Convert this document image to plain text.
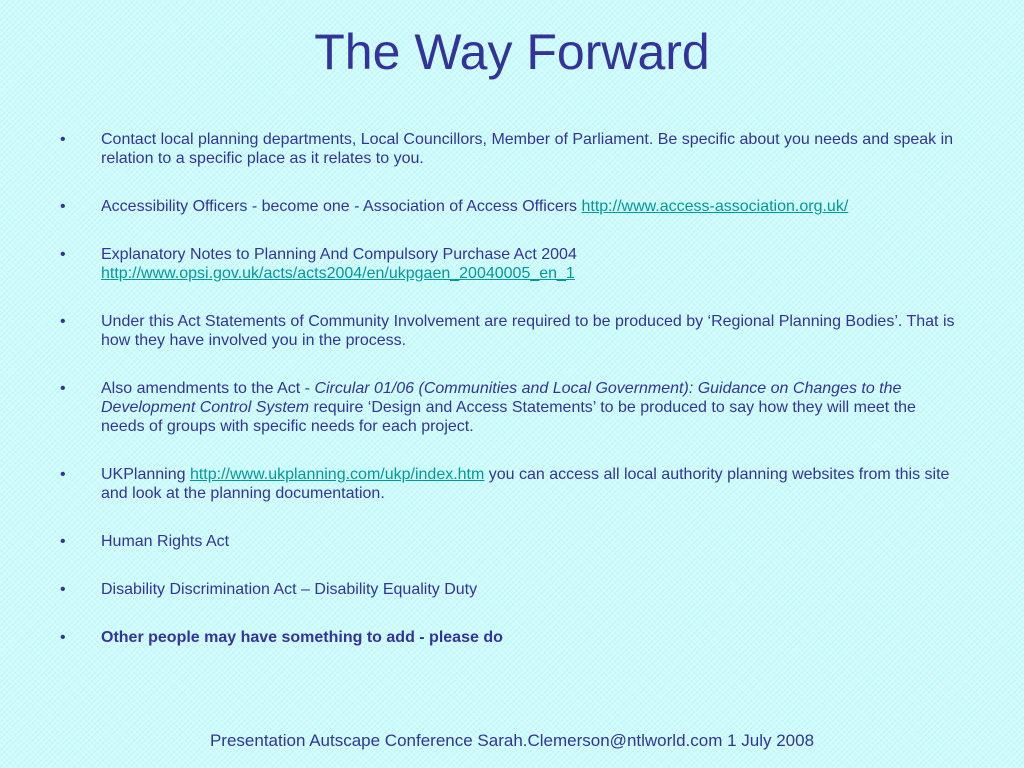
The Way Forward
•	Contact local planning departments, Local Councillors, Member of Parliament. Be specific about you needs and speak in relation to a specific place as it relates to you.
•	Accessibility Officers - become one - Association of Access Officers http://www.access-association.org.uk/
•	Explanatory Notes to Planning And Compulsory Purchase Act 2004
http://www.opsi.gov.uk/acts/acts2004/en/ukpgaen_20040005_en_1
•	Under this Act Statements of Community Involvement are required to be produced by ‘Regional Planning Bodies’. That is how they have involved you in the process.
•	Also amendments to the Act - Circular 01/06 (Communities and Local Government): Guidance on Changes to the Development Control System require ‘Design and Access Statements’ to be produced to say how they will meet the needs of groups with specific needs for each project.
•	UKPlanning http://www.ukplanning.com/ukp/index.htm you can access all local authority planning websites from this site and look at the planning documentation.
•	Human Rights Act
•	Disability Discrimination Act – Disability Equality Duty
•	Other people may have something to add - please do
Presentation Autscape Conference Sarah.Clemerson@ntlworld.com 1 July 2008
